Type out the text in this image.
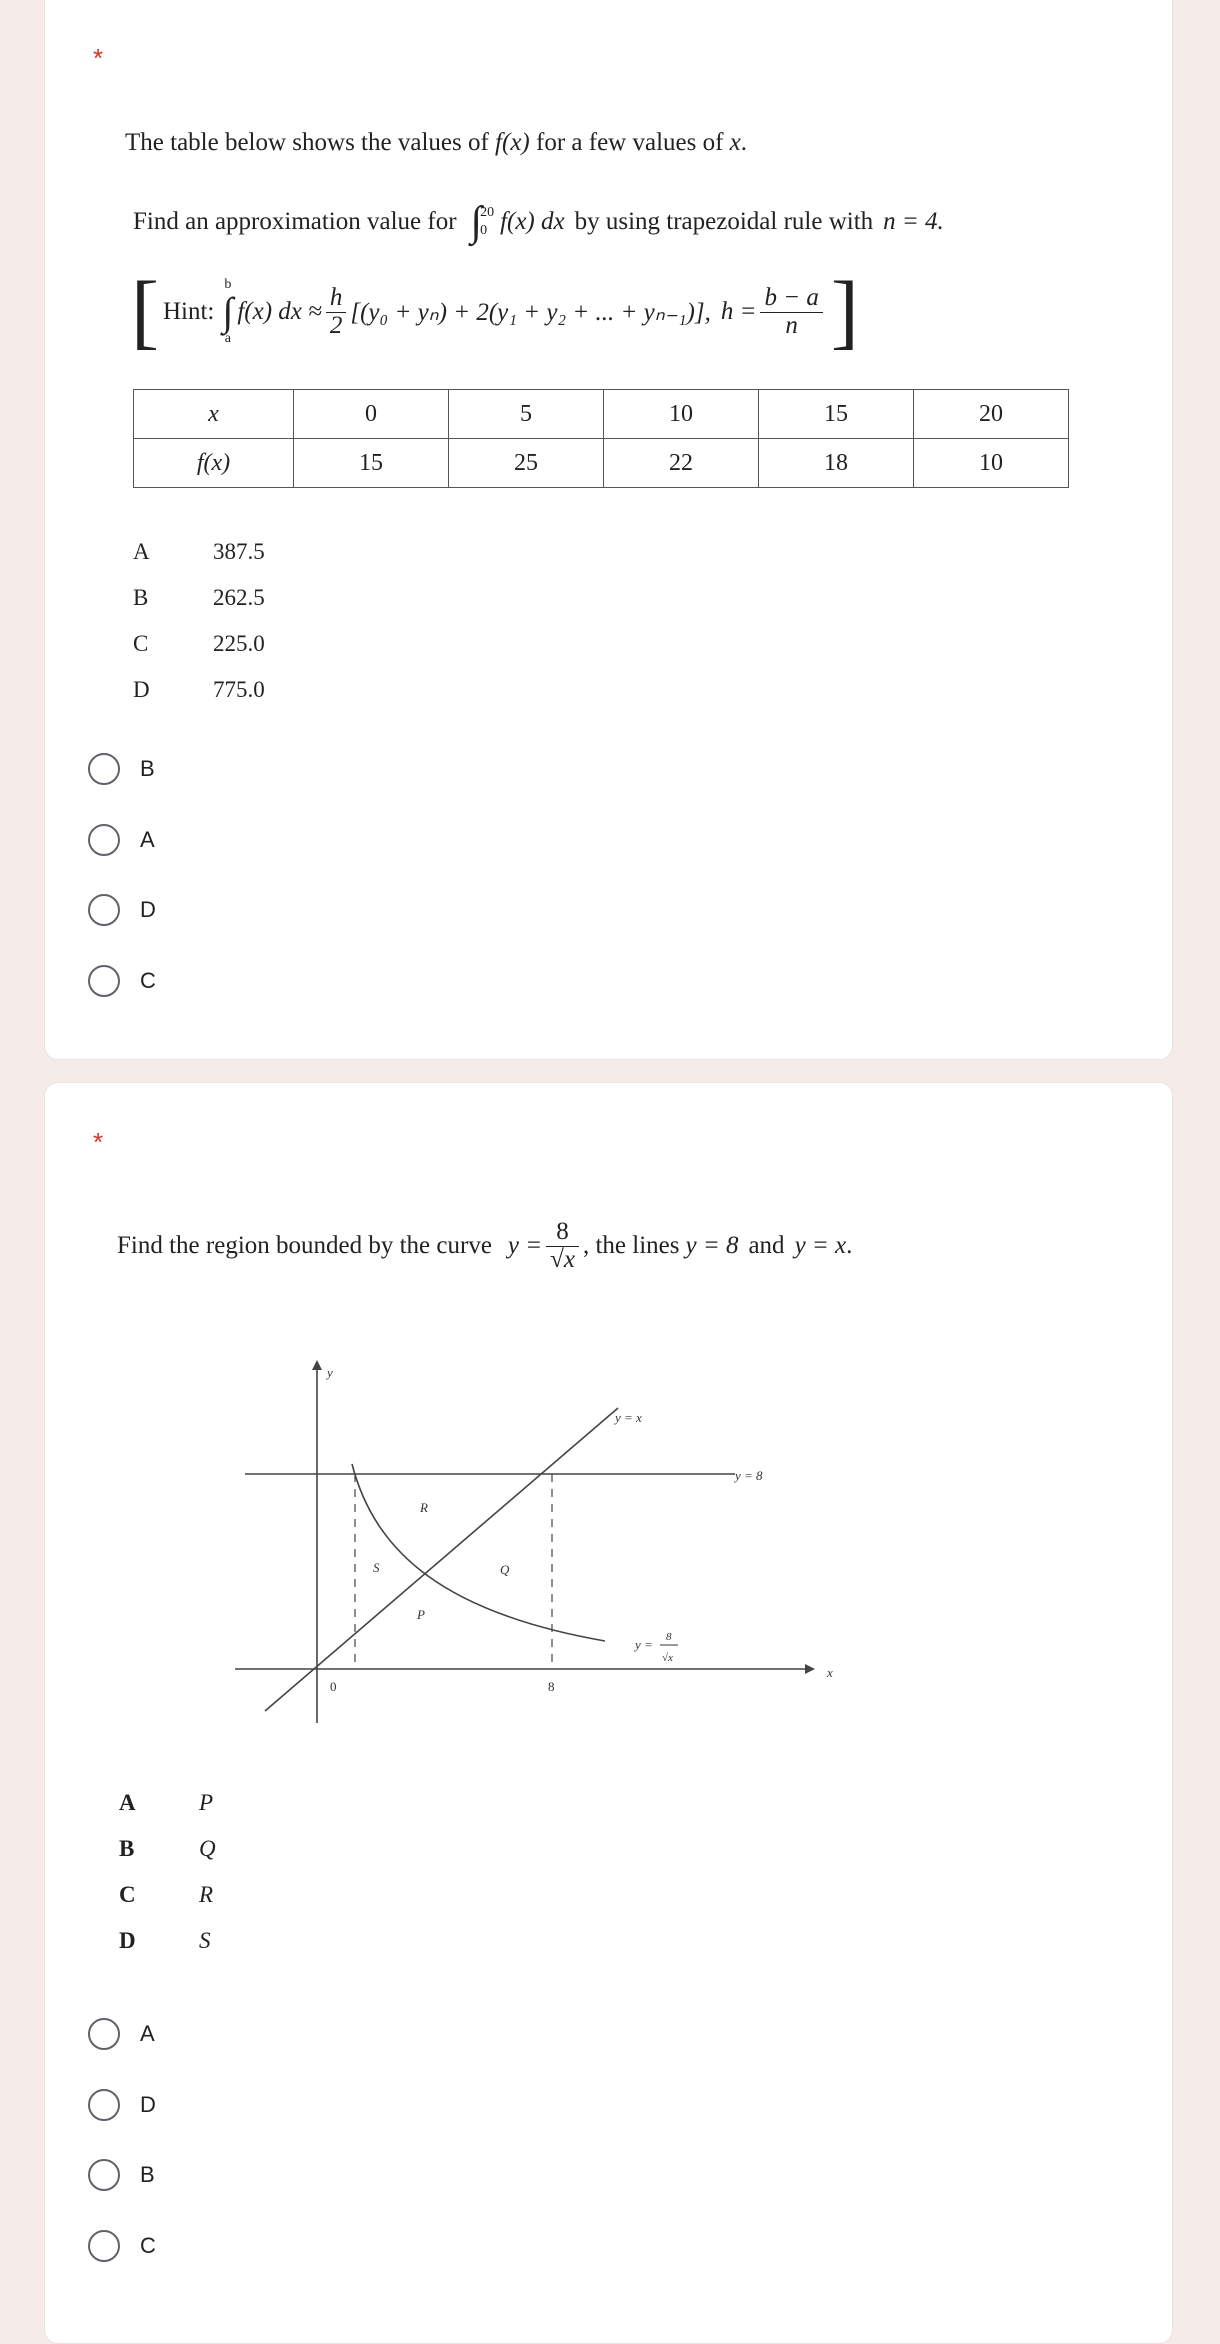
*
The table below shows the values of f(x) for a few values of x.
Find an approximation value for ∫
20
0 f(x) dx by using trapezoidal rule with n = 4.
[ Hint:
b
∫
a
f(x) dx ≈ $\frac{h}{2} [(y_0 + y_n) + 2(y_1 + y_2$ + ... + yₙ₋₁)], $h = \frac{b - a}{n}$ ]
x	0	5	10	15	20
f(x)	15	25	22	18	10
A	387.5
B	262.5
C	225.0
D	775.0
B
A
D
C
*
Find the region bounded by the curve $y = \frac{8}{√x}$ , the lines y = 8 and y = x .
y
x
y = x
y = 8
R
S	Q
P
y = 8
√x
0	8
A	P
B	Q
C	R
D	S
A
D
B
C
